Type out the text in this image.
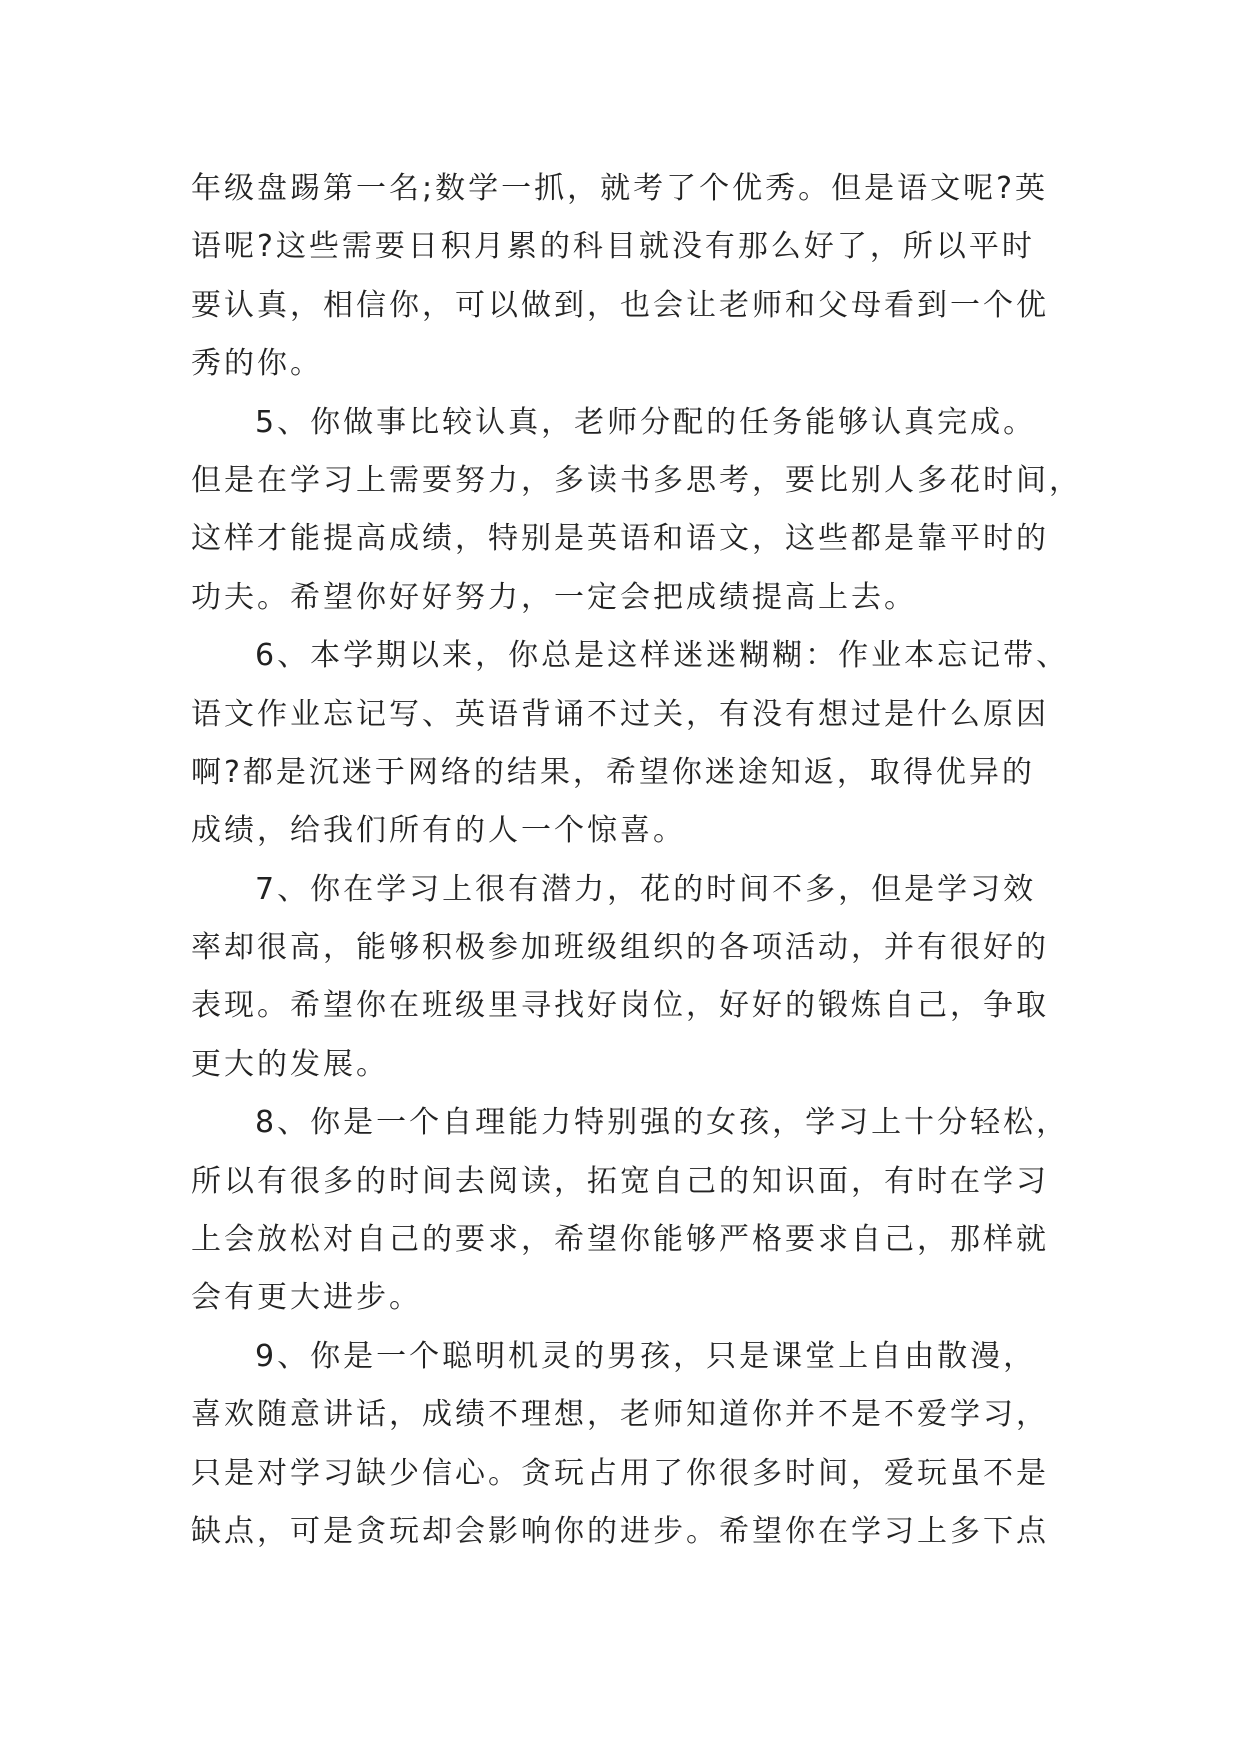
年级盘踢第一名;数学一抓，就考了个优秀。但是语文呢?英
语呢?这些需要日积月累的科目就没有那么好了，所以平时
要认真，相信你，可以做到，也会让老师和父母看到一个优
秀的你。
5、你做事比较认真，老师分配的任务能够认真完成。
但是在学习上需要努力，多读书多思考，要比别人多花时间，
这样才能提高成绩，特别是英语和语文，这些都是靠平时的
功夫。希望你好好努力，一定会把成绩提高上去。
6、本学期以来，你总是这样迷迷糊糊：作业本忘记带、
语文作业忘记写、英语背诵不过关，有没有想过是什么原因
啊?都是沉迷于网络的结果，希望你迷途知返，取得优异的
成绩，给我们所有的人一个惊喜。
7、你在学习上很有潜力，花的时间不多，但是学习效
率却很高，能够积极参加班级组织的各项活动，并有很好的
表现。希望你在班级里寻找好岗位，好好的锻炼自己，争取
更大的发展。
8、你是一个自理能力特别强的女孩，学习上十分轻松，
所以有很多的时间去阅读，拓宽自己的知识面，有时在学习
上会放松对自己的要求，希望你能够严格要求自己，那样就
会有更大进步。
9、你是一个聪明机灵的男孩，只是课堂上自由散漫，
喜欢随意讲话，成绩不理想，老师知道你并不是不爱学习，
只是对学习缺少信心。贪玩占用了你很多时间，爱玩虽不是
缺点，可是贪玩却会影响你的进步。希望你在学习上多下点
